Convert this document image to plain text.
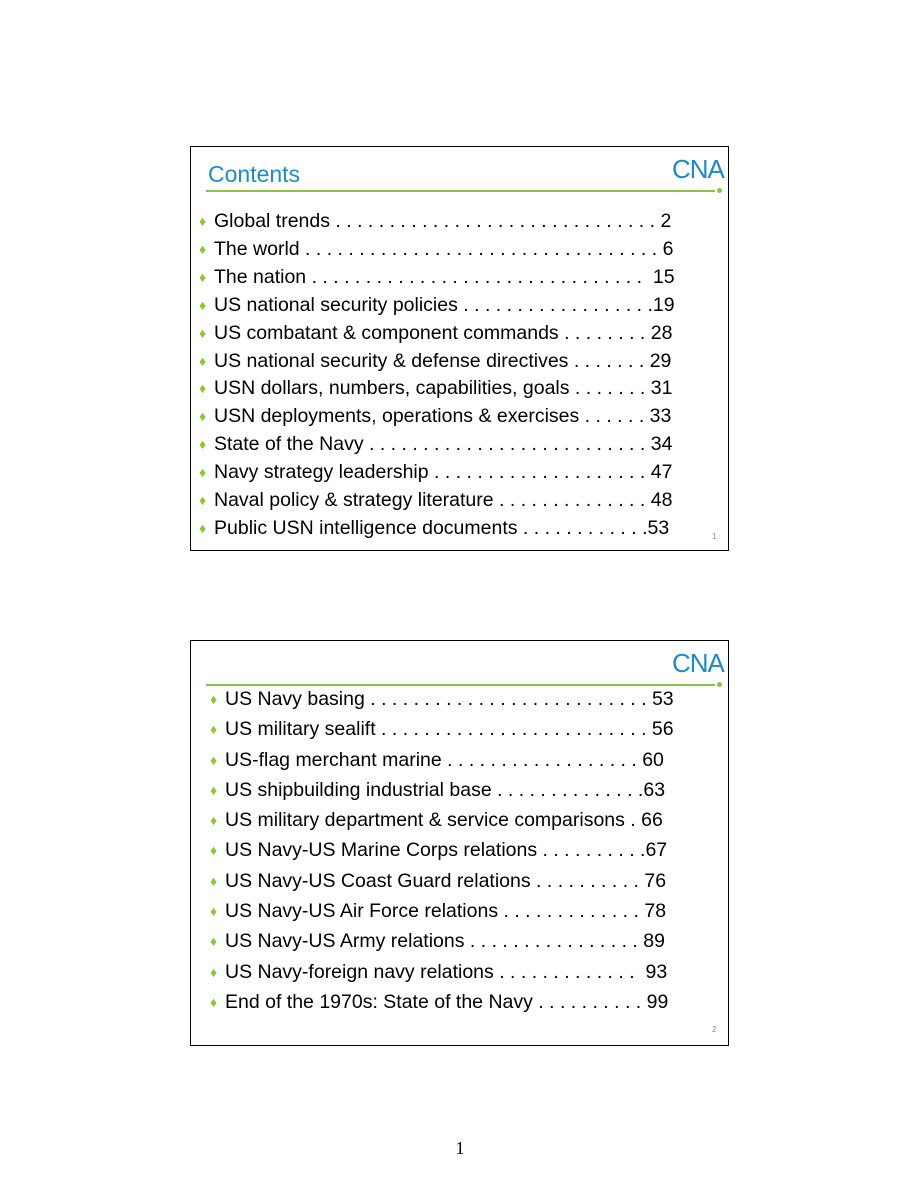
Contents	CNA
♦ Global trends . . . . . . . . . . . . . . . . . . . . . . . . . . . . . . 2
♦ The world . . . . . . . . . . . . . . . . . . . . . . . . . . . . . . . . . 6
♦ The nation . . . . . . . . . . . . . . . . . . . . . . . . . . . . . . .  15
♦ US national security policies . . . . . . . . . . . . . . . . . .19
♦ US combatant & component commands . . . . . . . . 28
♦ US national security & defense directives . . . . . . . 29
♦ USN dollars, numbers, capabilities, goals . . . . . . . 31
♦ USN deployments, operations & exercises . . . . . . 33
♦ State of the Navy . . . . . . . . . . . . . . . . . . . . . . . . . . 34
♦ Navy strategy leadership . . . . . . . . . . . . . . . . . . . . 47
♦ Naval policy & strategy literature . . . . . . . . . . . . . . 48
♦ Public USN intelligence documents . . . . . . . . . . . .53	1
CNA
♦ US Navy basing . . . . . . . . . . . . . . . . . . . . . . . . . . 53
♦ US military sealift . . . . . . . . . . . . . . . . . . . . . . . . . 56
♦ US-flag merchant marine . . . . . . . . . . . . . . . . . . 60
♦ US shipbuilding industrial base . . . . . . . . . . . . . .63
♦ US military department & service comparisons . 66
♦ US Navy-US Marine Corps relations . . . . . . . . . .67
♦ US Navy-US Coast Guard relations . . . . . . . . . . 76
♦ US Navy-US Air Force relations . . . . . . . . . . . . . 78
♦ US Navy-US Army relations . . . . . . . . . . . . . . . . 89
♦ US Navy-foreign navy relations . . . . . . . . . . . . .  93
♦ End of the 1970s: State of the Navy . . . . . . . . . . 99
2
1
